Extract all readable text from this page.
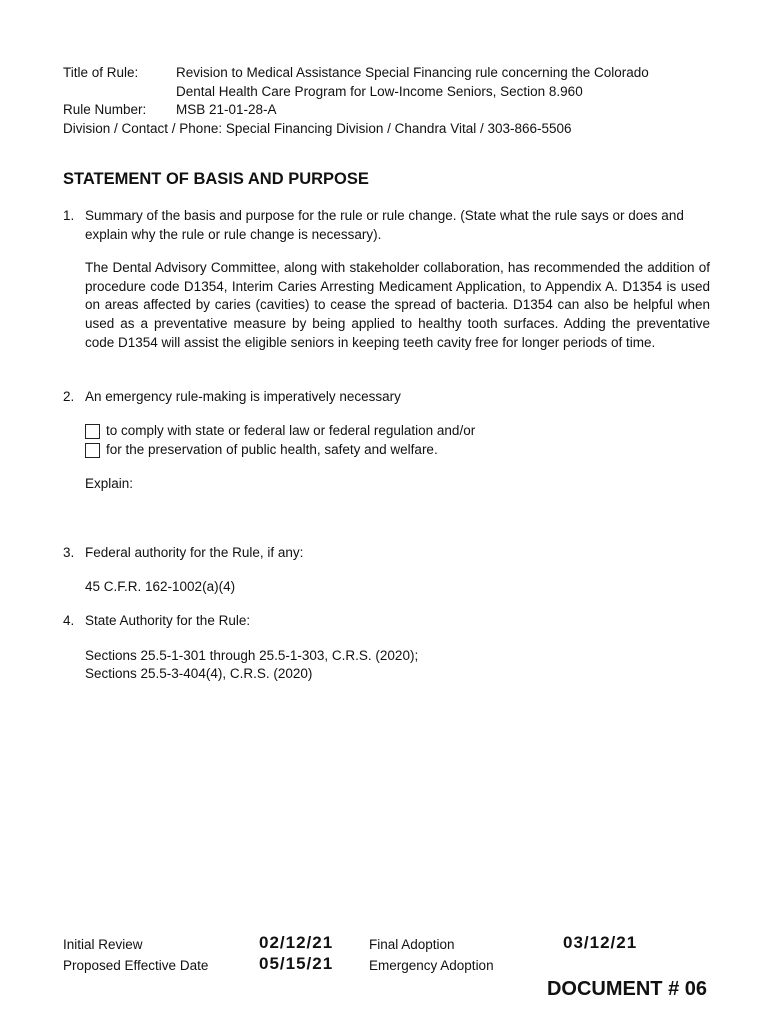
Title of Rule:	Revision to Medical Assistance Special Financing rule concerning the Colorado
Dental Health Care Program for Low-Income Seniors, Section 8.960
Rule Number:	MSB 21-01-28-A
Division / Contact / Phone: Special Financing Division / Chandra Vital / 303-866-5506
STATEMENT OF BASIS AND PURPOSE
1. Summary of the basis and purpose for the rule or rule change. (State what the rule says or does and explain why the rule or rule change is necessary).
The Dental Advisory Committee, along with stakeholder collaboration, has recommended the addition of procedure code D1354, Interim Caries Arresting Medicament Application, to Appendix A. D1354 is used on areas affected by caries (cavities) to cease the spread of bacteria. D1354 can also be helpful when used as a preventative measure by being applied to healthy tooth surfaces. Adding the preventative code D1354 will assist the eligible seniors in keeping teeth cavity free for longer periods of time.
2. An emergency rule-making is imperatively necessary
to comply with state or federal law or federal regulation and/or
for the preservation of public health, safety and welfare.
Explain:
3. Federal authority for the Rule, if any:
45 C.F.R. 162-1002(a)(4)
4. State Authority for the Rule:
Sections 25.5-1-301 through 25.5-1-303, C.R.S. (2020);
Sections 25.5-3-404(4), C.R.S. (2020)
Initial Review	02/12/21	Final Adoption	03/12/21
Proposed Effective Date	05/15/21	Emergency Adoption
DOCUMENT # 06
